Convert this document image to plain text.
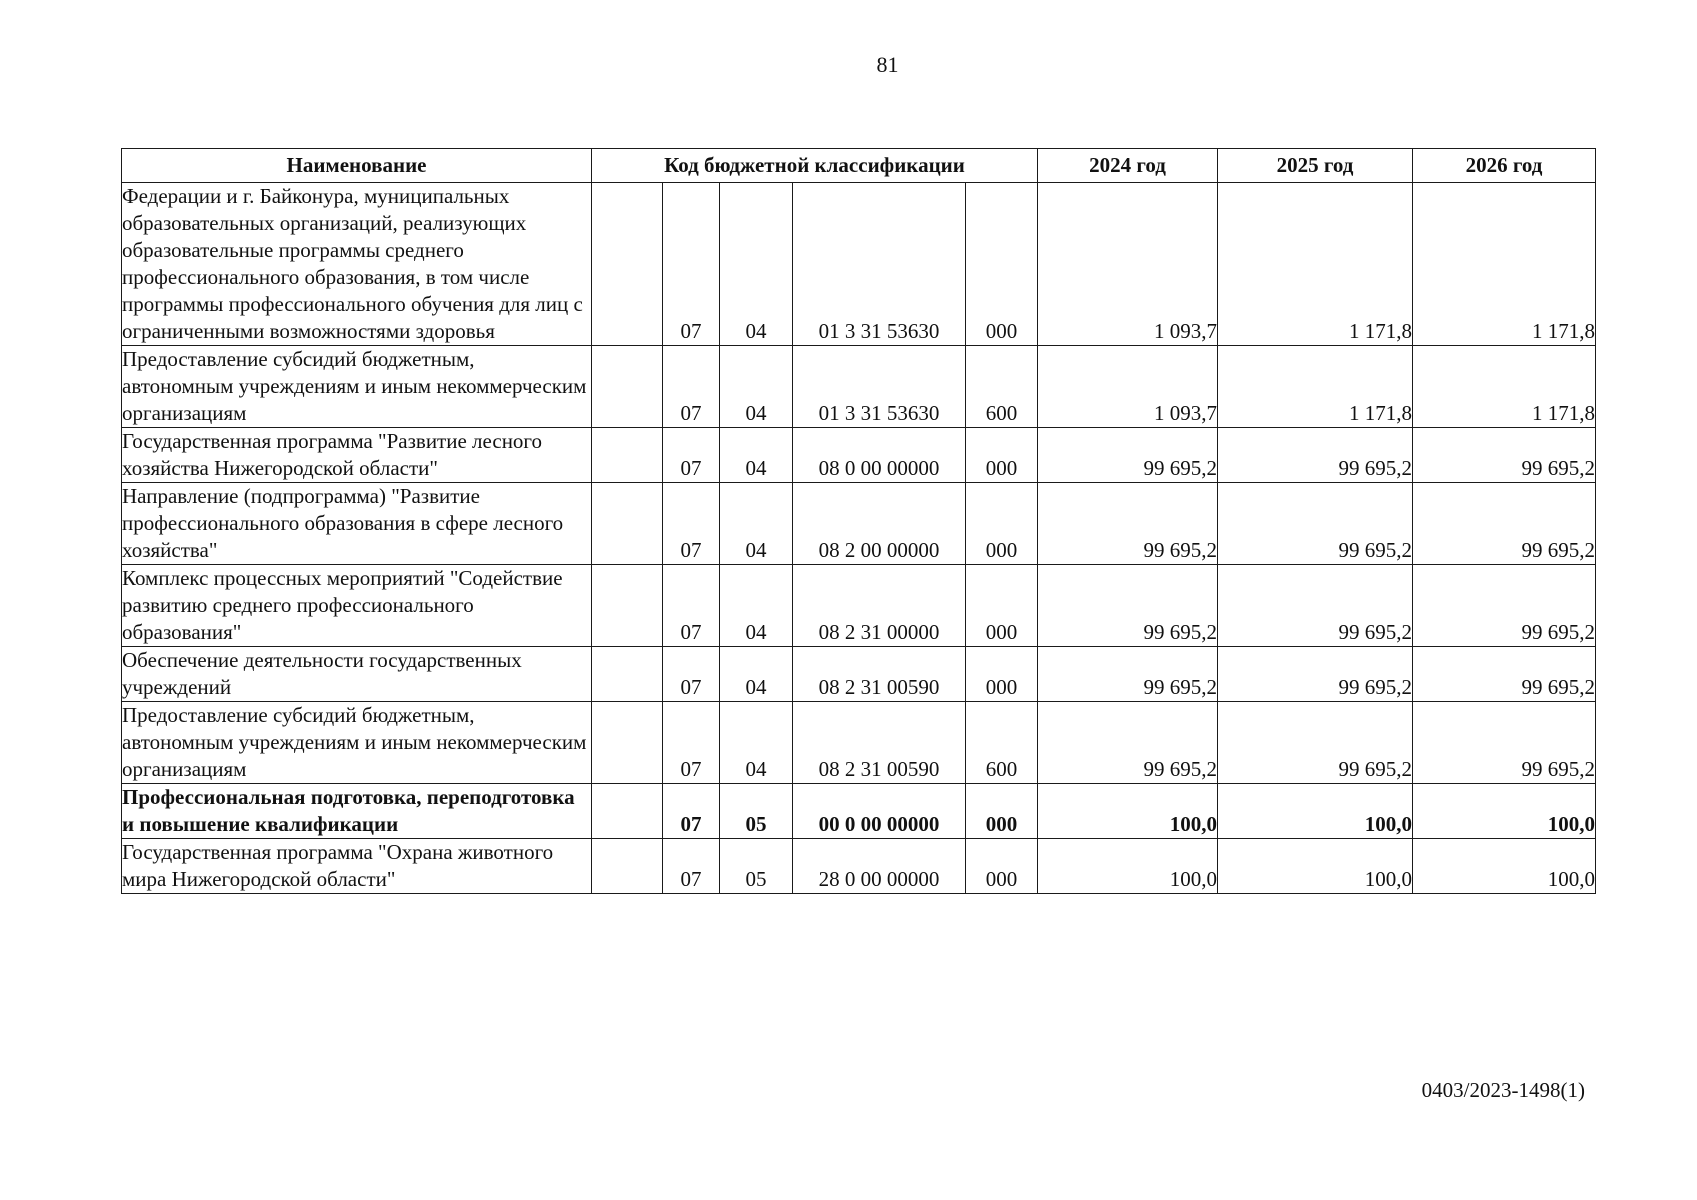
81
Наименование	Код бюджетной классификации					2024 год	2025 год	2026 год
Федерации и г. Байконура, муниципальных образовательных организаций, реализующих образовательные программы среднего профессионального образования, в том числе программы профессионального обучения для лиц с ограниченными возможностями здоровья		07	04	01 3 31 53630	000	1 093,7	1 171,8	1 171,8
Предоставление субсидий бюджетным, автономным учреждениям и иным некоммерческим организациям		07	04	01 3 31 53630	600	1 093,7	1 171,8	1 171,8
Государственная программа "Развитие лесного хозяйства Нижегородской области"		07	04	08 0 00 00000	000	99 695,2	99 695,2	99 695,2
Направление (подпрограмма) "Развитие профессионального образования в сфере лесного хозяйства"		07	04	08 2 00 00000	000	99 695,2	99 695,2	99 695,2
Комплекс процессных мероприятий "Содействие развитию среднего профессионального образования"		07	04	08 2 31 00000	000	99 695,2	99 695,2	99 695,2
Обеспечение деятельности государственных учреждений		07	04	08 2 31 00590	000	99 695,2	99 695,2	99 695,2
Предоставление субсидий бюджетным, автономным учреждениям и иным некоммерческим организациям		07	04	08 2 31 00590	600	99 695,2	99 695,2	99 695,2
Профессиональная подготовка, переподготовка и повышение квалификации		07	05	00 0 00 00000	000	100,0	100,0	100,0
Государственная программа "Охрана животного мира Нижегородской области"		07	05	28 0 00 00000	000	100,0	100,0	100,0
0403/2023-1498(1)
